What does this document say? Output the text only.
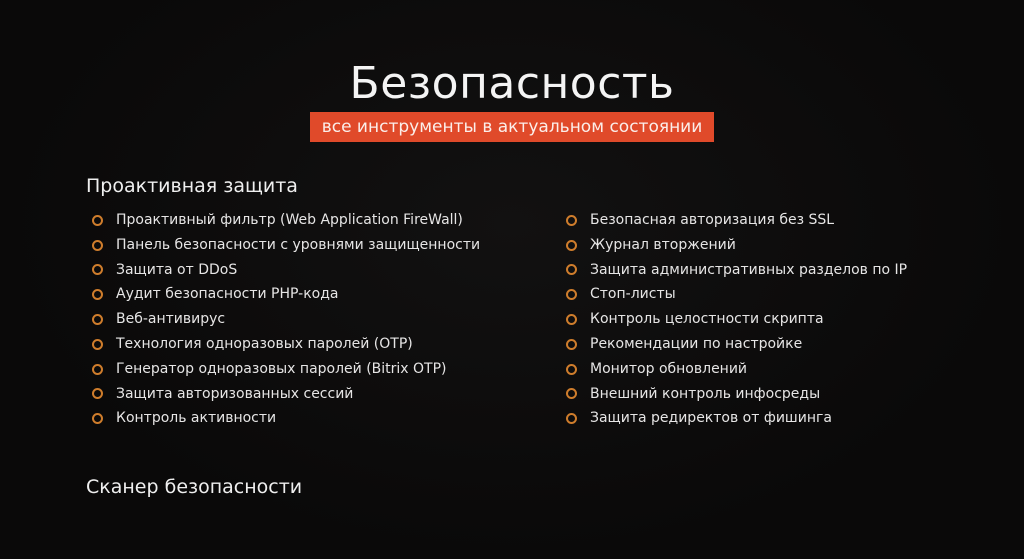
Безопасность
все инструменты в актуальном состоянии
Проактивная защита
Проактивный фильтр (Web Application FireWall)
Панель безопасности с уровнями защищенности
Защита от DDoS
Аудит безопасности PHP-кода
Веб-антивирус
Технология одноразовых паролей (OTP)
Генератор одноразовых паролей (Bitrix OTP)
Защита авторизованных сессий
Контроль активности
Безопасная авторизация без SSL
Журнал вторжений
Защита административных разделов по IP
Стоп-листы
Контроль целостности скрипта
Рекомендации по настройке
Монитор обновлений
Внешний контроль инфосреды
Защита редиректов от фишинга
Сканер безопасности
